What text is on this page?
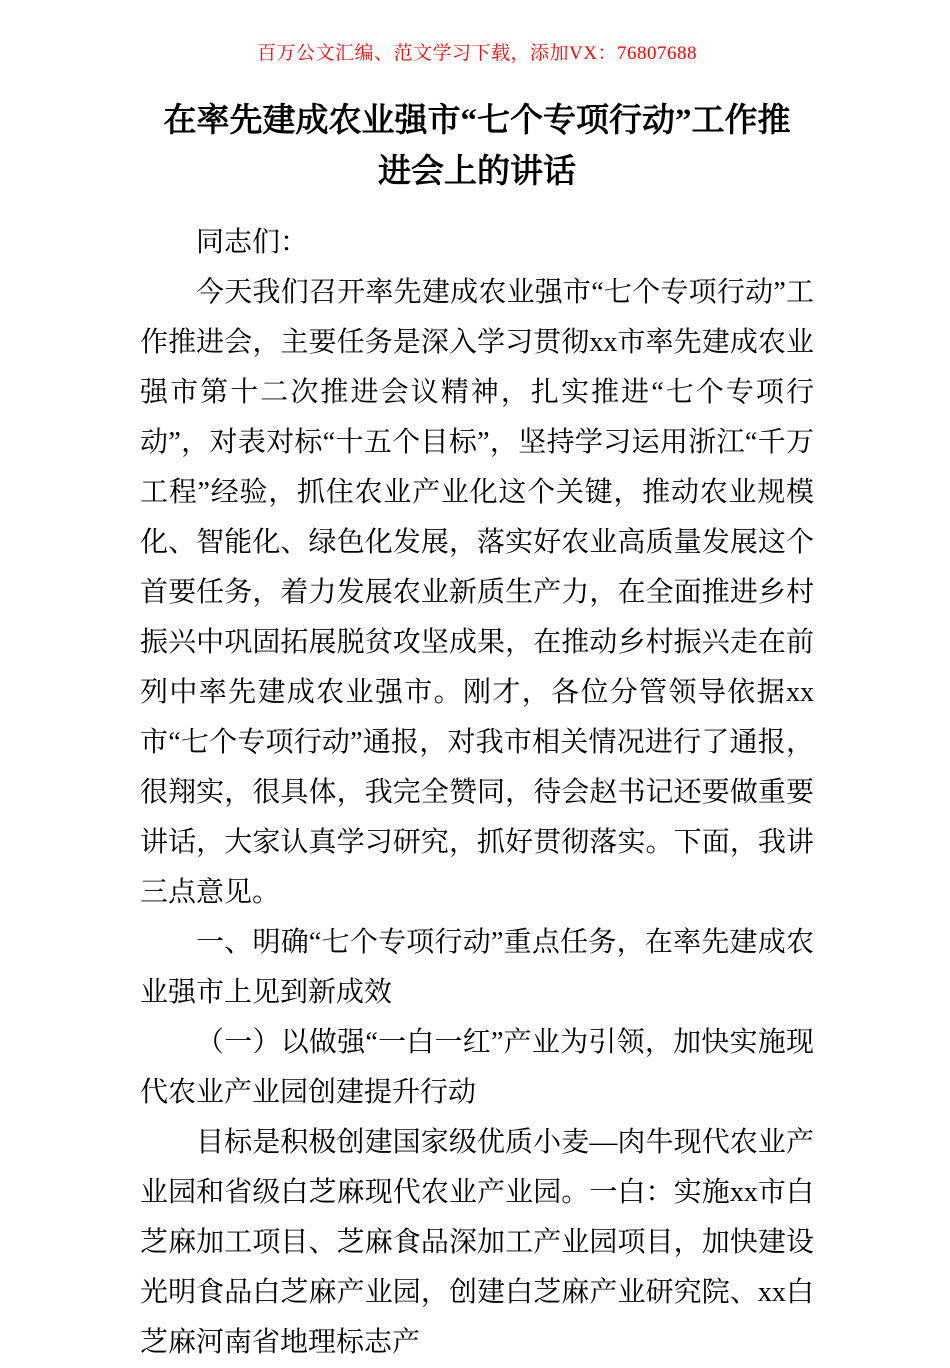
百万公文汇编、范文学习下载，添加VX：76807688
在率先建成农业强市“七个专项行动”工作推
进会上的讲话

同志们：

今天我们召开率先建成农业强市“七个专项行动”工作推进会，主要任务是深入学习贯彻xx市率先建成农业强市第十二次推进会议精神，扎实推进“七个专项行动”，对表对标“十五个目标”，坚持学习运用浙江“千万工程”经验，抓住农业产业化这个关键，推动农业规模化、智能化、绿色化发展，落实好农业高质量发展这个首要任务，着力发展农业新质生产力，在全面推进乡村振兴中巩固拓展脱贫攻坚成果，在推动乡村振兴走在前列中率先建成农业强市。刚才，各位分管领导依据xx市“七个专项行动”通报，对我市相关情况进行了通报，很翔实，很具体，我完全赞同，待会赵书记还要做重要讲话，大家认真学习研究，抓好贯彻落实。下面，我讲三点意见。

一、明确“七个专项行动”重点任务，在率先建成农业强市上见到新成效

（一）以做强“一白一红”产业为引领，加快实施现代农业产业园创建提升行动

目标是积极创建国家级优质小麦—肉牛现代农业产业园和省级白芝麻现代农业产业园。一白：实施xx市白芝麻加工项目、芝麻食品深加工产业园项目，加快建设光明食品白芝麻产业园，创建白芝麻产业研究院、xx白芝麻河南省地理标志产
